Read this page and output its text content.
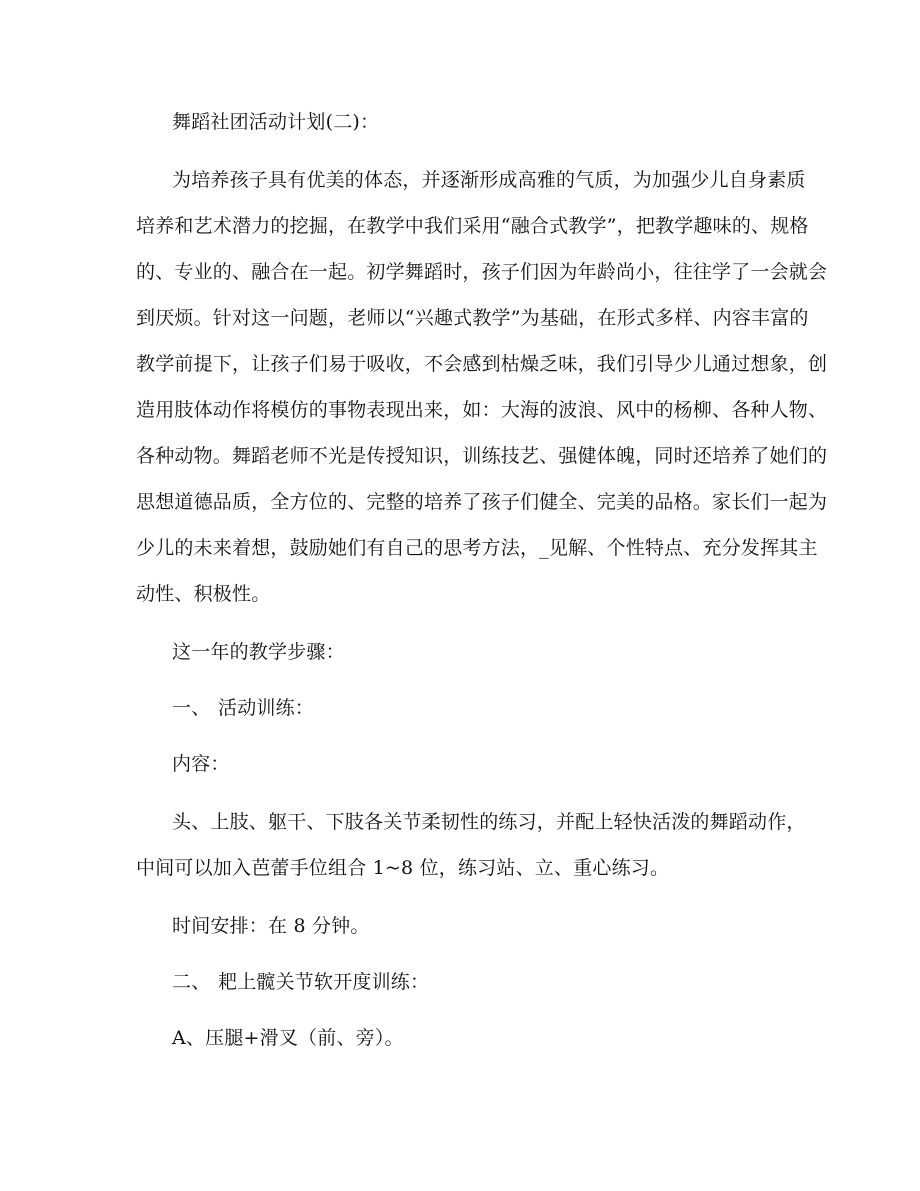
舞蹈社团活动计划(二)：
为培养孩子具有优美的体态，并逐渐形成高雅的气质，为加强少儿自身素质
培养和艺术潜力的挖掘，在教学中我们采用“融合式教学”，把教学趣味的、规格
的、专业的、融合在一起。初学舞蹈时，孩子们因为年龄尚小，往往学了一会就会
到厌烦。针对这一问题，老师以“兴趣式教学”为基础，在形式多样、内容丰富的
教学前提下，让孩子们易于吸收，不会感到枯燥乏味，我们引导少儿通过想象，创
造用肢体动作将模仿的事物表现出来，如：大海的波浪、风中的杨柳、各种人物、
各种动物。舞蹈老师不光是传授知识，训练技艺、强健体魄，同时还培养了她们的
思想道德品质，全方位的、完整的培养了孩子们健全、完美的品格。家长们一起为
少儿的未来着想，鼓励她们有自己的思考方法，_见解、个性特点、充分发挥其主
动性、积极性。
这一年的教学步骤：
一、 活动训练：
内容：
头、上肢、躯干、下肢各关节柔韧性的练习，并配上轻快活泼的舞蹈动作，
中间可以加入芭蕾手位组合 1~8 位，练习站、立、重心练习。
时间安排：在 8 分钟。
二、 耙上髋关节软开度训练：
A、压腿+滑叉（前、旁）。
